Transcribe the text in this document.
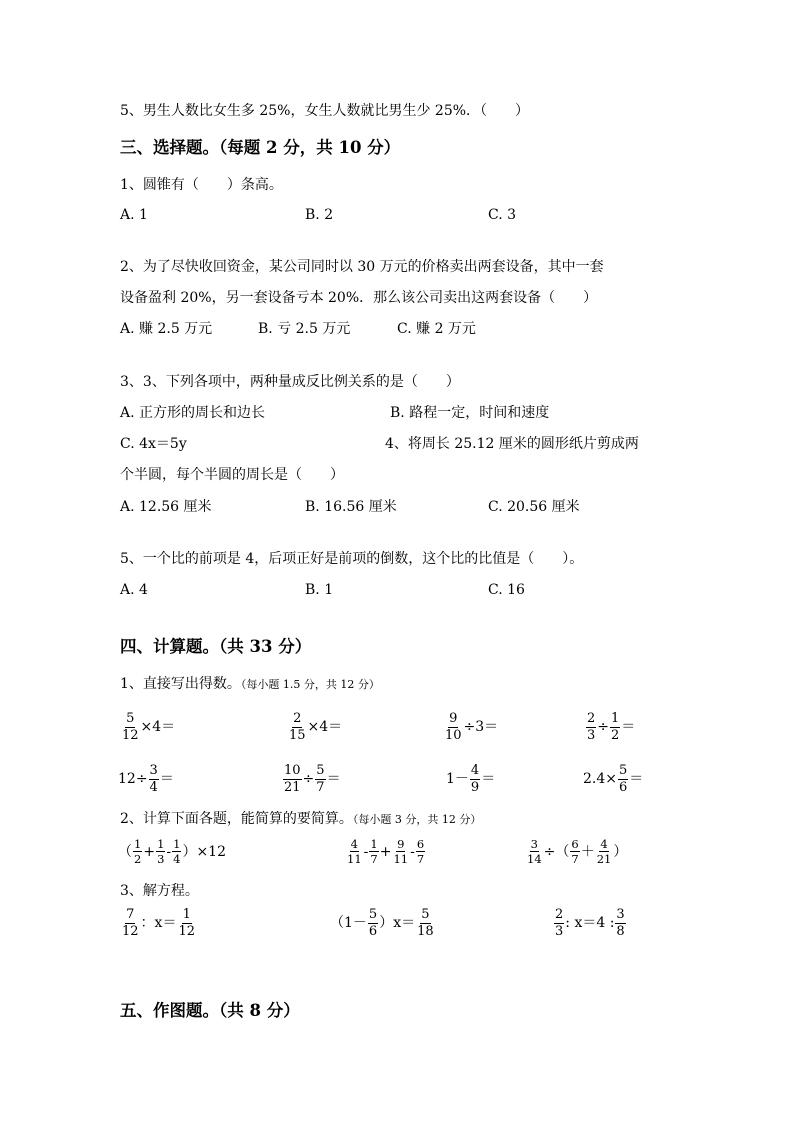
5、男生人数比女生多 25%，女生人数就比男生少 25%．（　　）
三、选择题。（每题 2 分，共 10 分）
1、圆锥有（　　）条高。
A. 1	B. 2	C. 3
2、为了尽快收回资金，某公司同时以 30 万元的价格卖出两套设备，其中一套
设备盈利 20%，另一套设备亏本 20%．那么该公司卖出这两套设备（　　）
A. 赚 2.5 万元	B. 亏 2.5 万元	C. 赚 2 万元
3、3、下列各项中，两种量成反比例关系的是（　　）
A. 正方形的周长和边长	B. 路程一定，时间和速度
C. 4x＝5y	4、将周长 25.12 厘米的圆形纸片剪成两
个半圆，每个半圆的周长是（　　）
A. 12.56 厘米	B. 16.56 厘米	C. 20.56 厘米
5、一个比的前项是 4，后项正好是前项的倒数，这个比的比值是（　　）。
A. 4	B. 1	C. 16
四、计算题。（共 33 分）
1、直接写出得数。（每小题 1.5 分，共 12 分）
$\frac{5}{12} \times 4=$	$\frac{2}{15} \times 4=$	$\frac{9}{10} \div 3=$	$\frac{2}{3} \div \frac{1}{2}$ ＝
$12\div \frac{3}{4}$ ＝	$\frac{10}{21} \div \frac{5}{7}$ ＝	$1- \frac{4}{9}$ ＝	$2.4\times \frac{5}{6}$ ＝
2、计算下面各题，能简算的要简算。（每小题 3 分，共 12 分）
（ $\frac{1}{2} + \frac{1}{3} - \frac{1}{4} )\times 12$	$\frac{4}{11} - \frac{1}{7} + \frac{9}{11} - \frac{6}{7}$	$\frac{3}{14}$ ÷（ $\frac{6}{7} + \frac{4}{21}$ ）
3、解方程。
$\frac{7}{12}$ ：$x= \frac{1}{12}$	$(1- \frac{5}{6} )x= \frac{5}{18}$	$\frac{2}{3}$ : x＝4 : $\frac{3}{8}$
五、作图题。（共 8 分）
